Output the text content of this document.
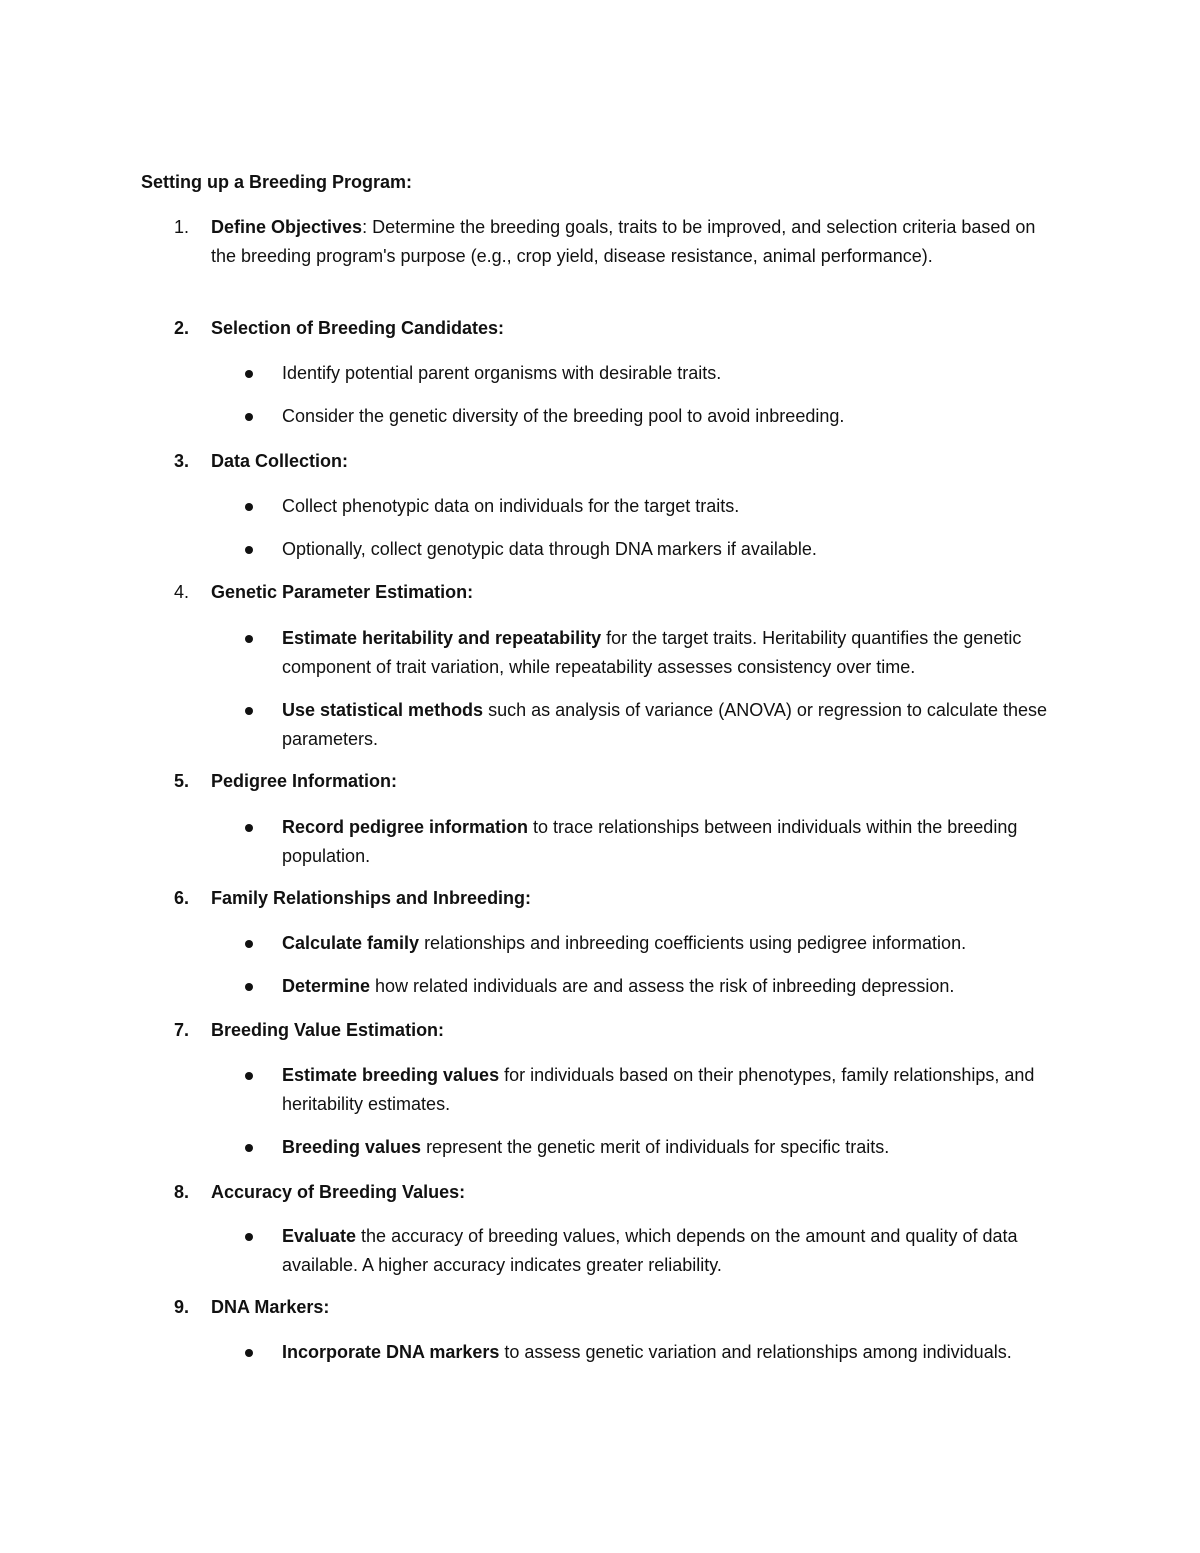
Setting up a Breeding Program:
1. Define Objectives: Determine the breeding goals, traits to be improved, and selection criteria based on the breeding program's purpose (e.g., crop yield, disease resistance, animal performance).
2. Selection of Breeding Candidates:
Identify potential parent organisms with desirable traits.
Consider the genetic diversity of the breeding pool to avoid inbreeding.
3. Data Collection:
Collect phenotypic data on individuals for the target traits.
Optionally, collect genotypic data through DNA markers if available.
4. Genetic Parameter Estimation:
Estimate heritability and repeatability for the target traits. Heritability quantifies the genetic component of trait variation, while repeatability assesses consistency over time.
Use statistical methods such as analysis of variance (ANOVA) or regression to calculate these parameters.
5. Pedigree Information:
Record pedigree information to trace relationships between individuals within the breeding population.
6. Family Relationships and Inbreeding:
Calculate family relationships and inbreeding coefficients using pedigree information.
Determine how related individuals are and assess the risk of inbreeding depression.
7. Breeding Value Estimation:
Estimate breeding values for individuals based on their phenotypes, family relationships, and heritability estimates.
Breeding values represent the genetic merit of individuals for specific traits.
8. Accuracy of Breeding Values:
Evaluate the accuracy of breeding values, which depends on the amount and quality of data available. A higher accuracy indicates greater reliability.
9. DNA Markers:
Incorporate DNA markers to assess genetic variation and relationships among individuals.
